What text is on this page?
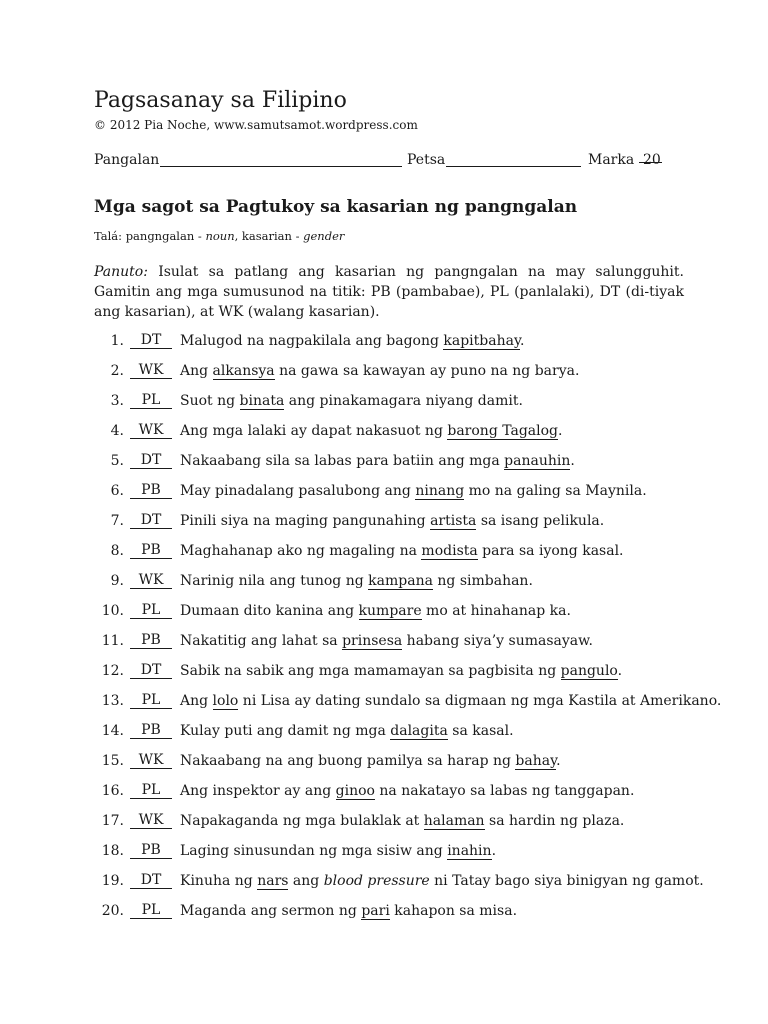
Pagsasanay sa Filipino
© 2012 Pia Noche, www.samutsamot.wordpress.com
Pangalan	Petsa	Marka 20
Mga sagot sa Pagtukoy sa kasarian ng pangngalan
Talá: pangngalan - noun, kasarian - gender
Panuto: Isulat sa patlang ang kasarian ng pangngalan na may salungguhit. Gamitin ang mga sumusunod na titik: PB (pambabae), PL (panlalaki), DT (di-tiyak ang kasarian), at WK (walang kasarian).
1.	DT	Malugod na nagpakilala ang bagong kapitbahay.
2.	WK	Ang alkansya na gawa sa kawayan ay puno na ng barya.
3.	PL	Suot ng binata ang pinakamagara niyang damit.
4.	WK	Ang mga lalaki ay dapat nakasuot ng barong Tagalog.
5.	DT	Nakaabang sila sa labas para batiin ang mga panauhin.
6.	PB	May pinadalang pasalubong ang ninang mo na galing sa Maynila.
7.	DT	Pinili siya na maging pangunahing artista sa isang pelikula.
8.	PB	Maghahanap ako ng magaling na modista para sa iyong kasal.
9.	WK	Narinig nila ang tunog ng kampana ng simbahan.
10.	PL	Dumaan dito kanina ang kumpare mo at hinahanap ka.
11.	PB	Nakatitig ang lahat sa prinsesa habang siya’y sumasayaw.
12.	DT	Sabik na sabik ang mga mamamayan sa pagbisita ng pangulo.
13.	PL	Ang lolo ni Lisa ay dating sundalo sa digmaan ng mga Kastila at Amerikano.
14.	PB	Kulay puti ang damit ng mga dalagita sa kasal.
15.	WK	Nakaabang na ang buong pamilya sa harap ng bahay.
16.	PL	Ang inspektor ay ang ginoo na nakatayo sa labas ng tanggapan.
17.	WK	Napakaganda ng mga bulaklak at halaman sa hardin ng plaza.
18.	PB	Laging sinusundan ng mga sisiw ang inahin.
19.	DT	Kinuha ng nars ang blood pressure ni Tatay bago siya binigyan ng gamot.
20.	PL	Maganda ang sermon ng pari kahapon sa misa.
